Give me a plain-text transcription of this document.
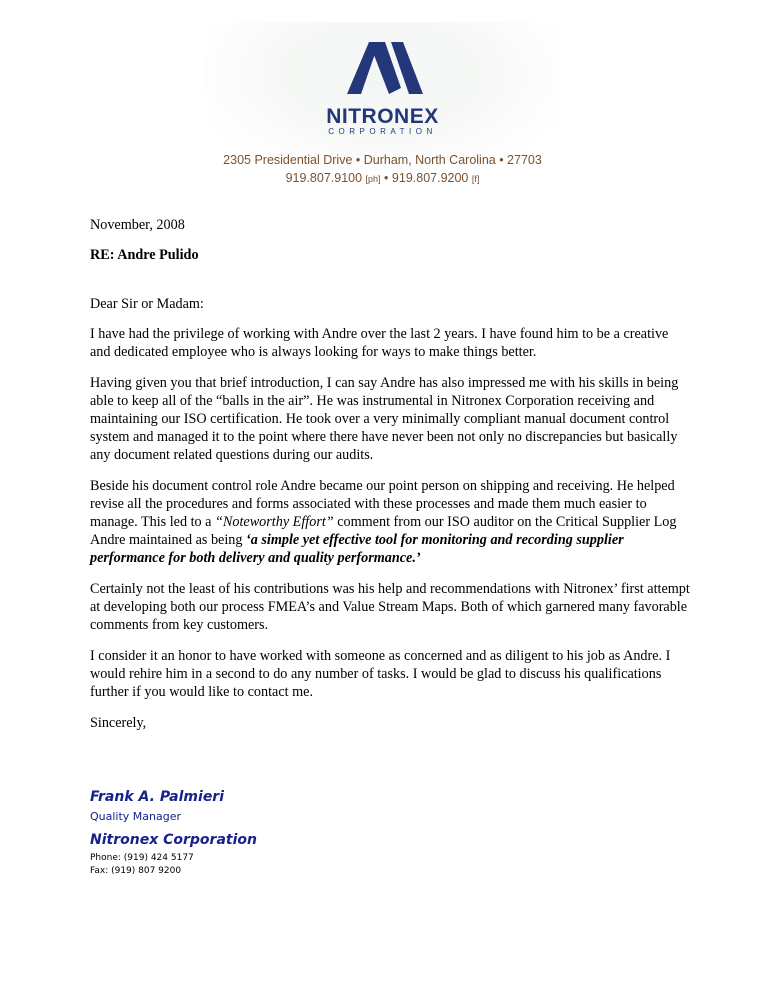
NITRONEX
CORPORATION
2305 Presidential Drive • Durham, North Carolina • 27703
919.807.9100 [ph] • 919.807.9200 [f]

November, 2008

RE: Andre Pulido

Dear Sir or Madam:

I have had the privilege of working with Andre over the last 2 years. I have found him to be a creative and dedicated employee who is always looking for ways to make things better.

Having given you that brief introduction, I can say Andre has also impressed me with his skills in being able to keep all of the “balls in the air”. He was instrumental in Nitronex Corporation receiving and maintaining our ISO certification. He took over a very minimally compliant manual document control system and managed it to the point where there have never been not only no discrepancies but basically any document related questions during our audits.

Beside his document control role Andre became our point person on shipping and receiving. He helped revise all the procedures and forms associated with these processes and made them much easier to manage. This led to a “Noteworthy Effort” comment from our ISO auditor on the Critical Supplier Log Andre maintained as being ‘a simple yet effective tool for monitoring and recording supplier performance for both delivery and quality performance.’

Certainly not the least of his contributions was his help and recommendations with Nitronex’ first attempt at developing both our process FMEA’s and Value Stream Maps. Both of which garnered many favorable comments from key customers.

I consider it an honor to have worked with someone as concerned and as diligent to his job as Andre. I would rehire him in a second to do any number of tasks. I would be glad to discuss his qualifications further if you would like to contact me.

Sincerely,

Frank A. Palmieri
Quality Manager
Nitronex Corporation
Phone: (919) 424 5177
Fax: (919) 807 9200
